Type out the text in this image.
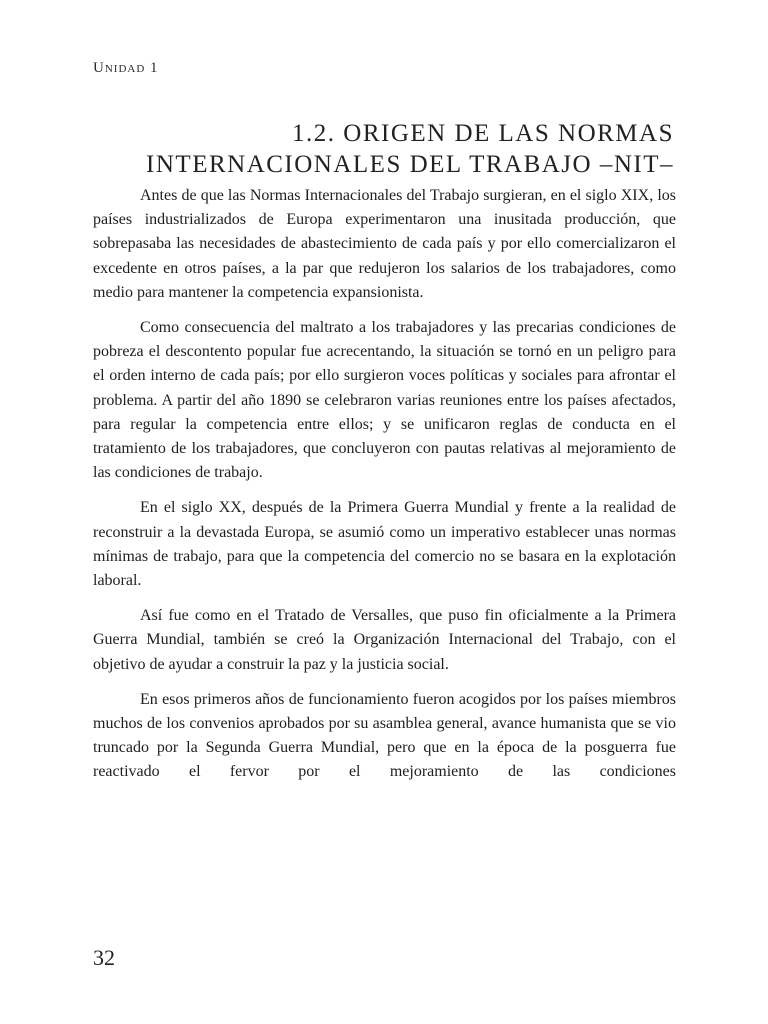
Unidad 1
1.2. ORIGEN DE LAS NORMAS
INTERNACIONALES DEL TRABAJO –NIT–

Antes de que las Normas Internacionales del Trabajo surgieran, en el siglo XIX, los países industrializados de Europa experimentaron una inusitada producción, que sobrepasaba las necesidades de abastecimiento de cada país y por ello comercializaron el excedente en otros países, a la par que redujeron los salarios de los trabajadores, como medio para mantener la competencia expansionista.

Como consecuencia del maltrato a los trabajadores y las precarias condiciones de pobreza el descontento popular fue acrecentando, la situación se tornó en un peligro para el orden interno de cada país; por ello surgieron voces políticas y sociales para afrontar el problema. A partir del año 1890 se celebraron varias reuniones entre los países afectados, para regular la competencia entre ellos; y se unificaron reglas de conducta en el tratamiento de los trabajadores, que concluyeron con pautas relativas al mejoramiento de las condiciones de trabajo.

En el siglo XX, después de la Primera Guerra Mundial y frente a la realidad de reconstruir a la devastada Europa, se asumió como un imperativo establecer unas normas mínimas de trabajo, para que la competencia del comercio no se basara en la explotación laboral.

Así fue como en el Tratado de Versalles, que puso fin oficialmente a la Primera Guerra Mundial, también se creó la Organización Internacional del Trabajo, con el objetivo de ayudar a construir la paz y la justicia social.

En esos primeros años de funcionamiento fueron acogidos por los países miembros muchos de los convenios aprobados por su asamblea general, avance humanista que se vio truncado por la Segunda Guerra Mundial, pero que en la época de la posguerra fue reactivado el fervor por el mejoramiento de las condiciones

32
